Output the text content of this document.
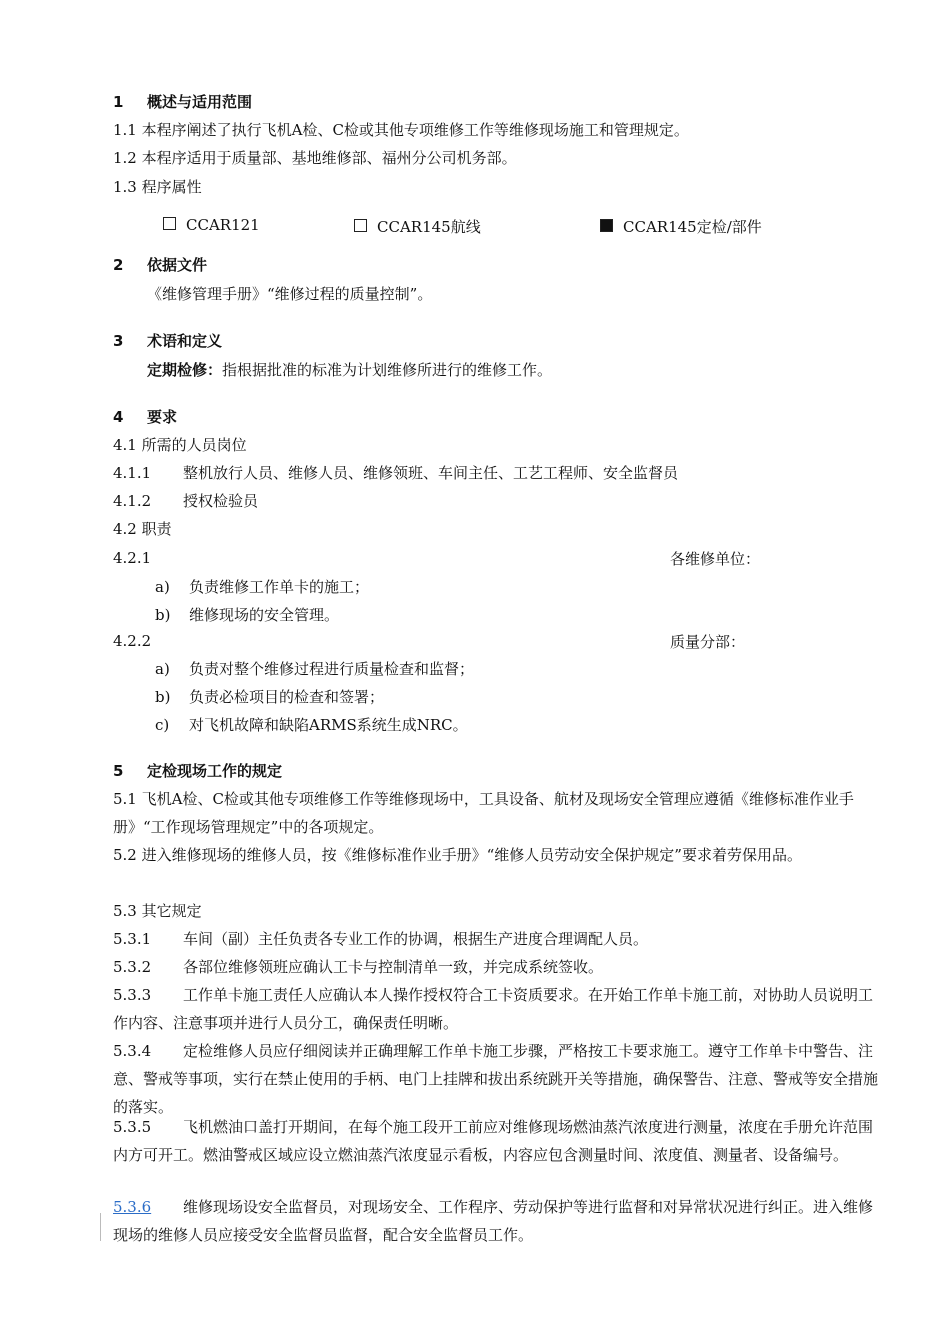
1 概述与适用范围
1.1 本程序阐述了执行飞机A检、C检或其他专项维修工作等维修现场施工和管理规定。
1.2 本程序适用于质量部、基地维修部、福州分公司机务部。
1.3 程序属性
CCAR121	CCAR145航线	CCAR145定检/部件
2 依据文件
《维修管理手册》“维修过程的质量控制”。
3 术语和定义
定期检修：指根据批准的标准为计划维修所进行的维修工作。
4 要求
4.1 所需的人员岗位
4.1.1 整机放行人员、维修人员、维修领班、车间主任、工艺工程师、安全监督员
4.1.2 授权检验员
4.2 职责
4.2.1	各维修单位：
a) 负责维修工作单卡的施工；
b) 维修现场的安全管理。
4.2.2	质量分部：
a) 负责对整个维修过程进行质量检查和监督；
b) 负责必检项目的检查和签署；
c) 对飞机故障和缺陷ARMS系统生成NRC。
5 定检现场工作的规定
5.1 飞机A检、C检或其他专项维修工作等维修现场中，工具设备、航材及现场安全管理应遵循《维修标准作业手册》“工作现场管理规定”中的各项规定。
5.2 进入维修现场的维修人员，按《维修标准作业手册》“维修人员劳动安全保护规定”要求着劳保用品。
5.3 其它规定
5.3.1 车间（副）主任负责各专业工作的协调，根据生产进度合理调配人员。
5.3.2 各部位维修领班应确认工卡与控制清单一致，并完成系统签收。
5.3.3 工作单卡施工责任人应确认本人操作授权符合工卡资质要求。在开始工作单卡施工前，对协助人员说明工作内容、注意事项并进行人员分工，确保责任明晰。
5.3.4 定检维修人员应仔细阅读并正确理解工作单卡施工步骤，严格按工卡要求施工。遵守工作单卡中警告、注意、警戒等事项，实行在禁止使用的手柄、电门上挂牌和拔出系统跳开关等措施，确保警告、注意、警戒等安全措施的落实。
5.3.5 飞机燃油口盖打开期间，在每个施工段开工前应对维修现场燃油蒸汽浓度进行测量，浓度在手册允许范围内方可开工。燃油警戒区域应设立燃油蒸汽浓度显示看板，内容应包含测量时间、浓度值、测量者、设备编号。
5.3.6 维修现场设安全监督员，对现场安全、工作程序、劳动保护等进行监督和对异常状况进行纠正。进入维修现场的维修人员应接受安全监督员监督，配合安全监督员工作。
